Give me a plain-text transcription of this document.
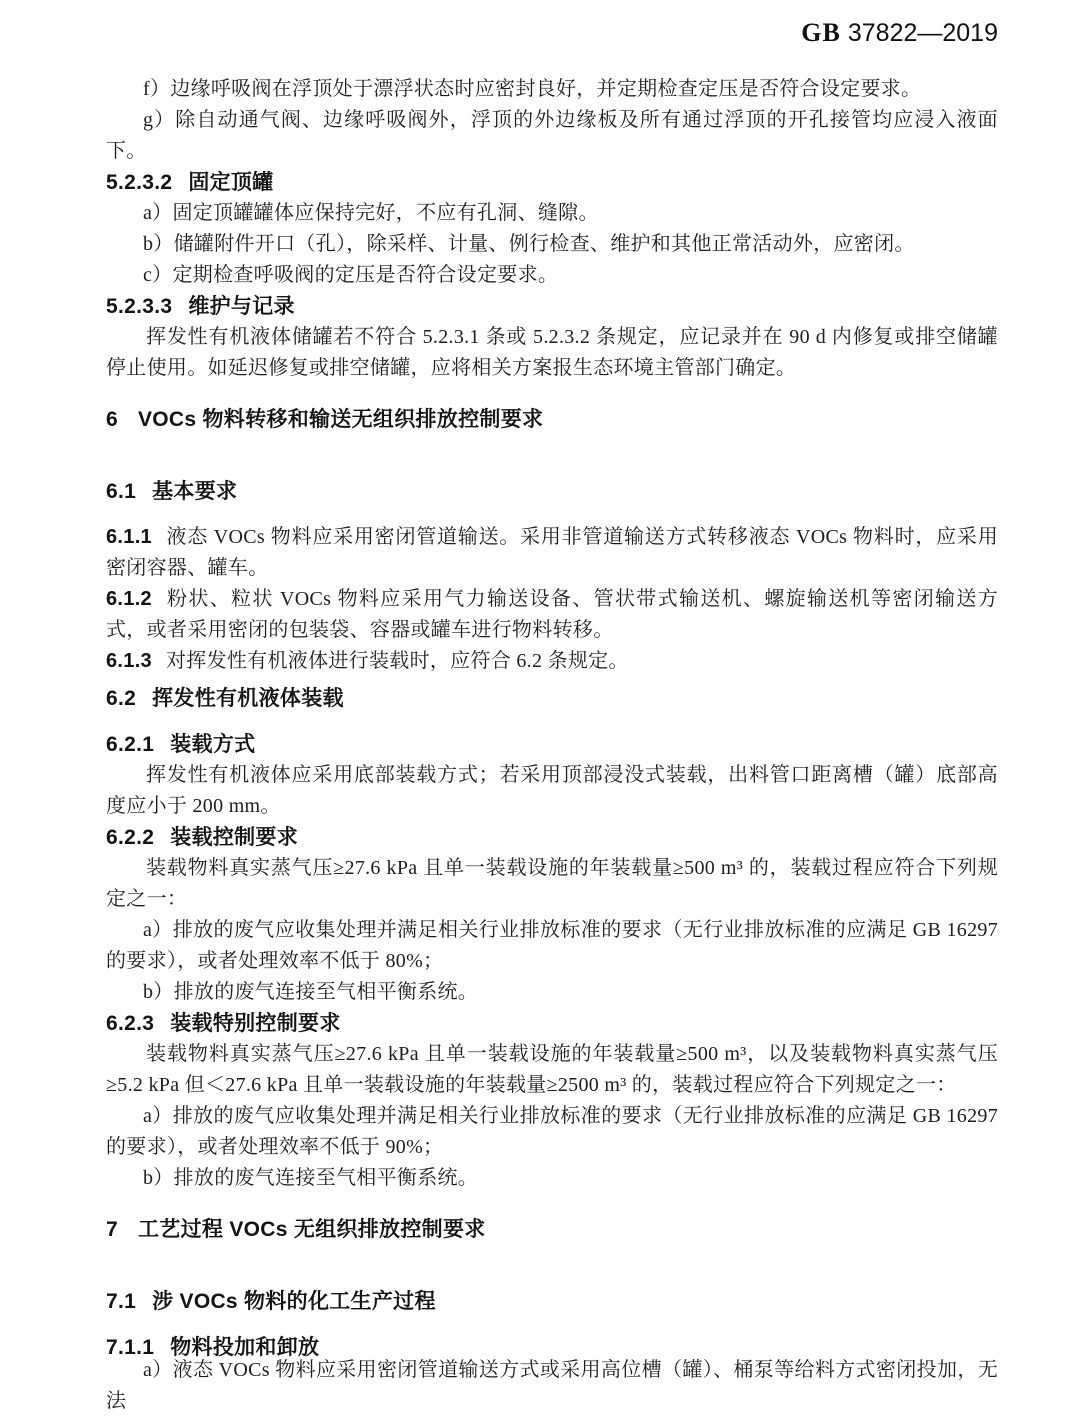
GB 37822—2019
f）边缘呼吸阀在浮顶处于漂浮状态时应密封良好，并定期检查定压是否符合设定要求。
g）除自动通气阀、边缘呼吸阀外，浮顶的外边缘板及所有通过浮顶的开孔接管均应浸入液面下。
5.2.3.2 固定顶罐
a）固定顶罐罐体应保持完好，不应有孔洞、缝隙。
b）储罐附件开口（孔），除采样、计量、例行检查、维护和其他正常活动外，应密闭。
c）定期检查呼吸阀的定压是否符合设定要求。
5.2.3.3 维护与记录
挥发性有机液体储罐若不符合 5.2.3.1 条或 5.2.3.2 条规定，应记录并在 90 d 内修复或排空储罐停止使用。如延迟修复或排空储罐，应将相关方案报生态环境主管部门确定。
6 VOCs 物料转移和输送无组织排放控制要求
6.1 基本要求
6.1.1 液态 VOCs 物料应采用密闭管道输送。采用非管道输送方式转移液态 VOCs 物料时，应采用密闭容器、罐车。
6.1.2 粉状、粒状 VOCs 物料应采用气力输送设备、管状带式输送机、螺旋输送机等密闭输送方式，或者采用密闭的包装袋、容器或罐车进行物料转移。
6.1.3 对挥发性有机液体进行装载时，应符合 6.2 条规定。
6.2 挥发性有机液体装载
6.2.1 装载方式
挥发性有机液体应采用底部装载方式；若采用顶部浸没式装载，出料管口距离槽（罐）底部高度应小于 200 mm。
6.2.2 装载控制要求
装载物料真实蒸气压≥27.6 kPa 且单一装载设施的年装载量≥500 m³ 的，装载过程应符合下列规定之一：
a）排放的废气应收集处理并满足相关行业排放标准的要求（无行业排放标准的应满足 GB 16297 的要求），或者处理效率不低于 80%；
b）排放的废气连接至气相平衡系统。
6.2.3 装载特别控制要求
装载物料真实蒸气压≥27.6 kPa 且单一装载设施的年装载量≥500 m³，以及装载物料真实蒸气压≥5.2 kPa 但＜27.6 kPa 且单一装载设施的年装载量≥2500 m³ 的，装载过程应符合下列规定之一：
a）排放的废气应收集处理并满足相关行业排放标准的要求（无行业排放标准的应满足 GB 16297 的要求），或者处理效率不低于 90%；
b）排放的废气连接至气相平衡系统。
7 工艺过程 VOCs 无组织排放控制要求
7.1 涉 VOCs 物料的化工生产过程
7.1.1 物料投加和卸放
a）液态 VOCs 物料应采用密闭管道输送方式或采用高位槽（罐）、桶泵等给料方式密闭投加，无法
